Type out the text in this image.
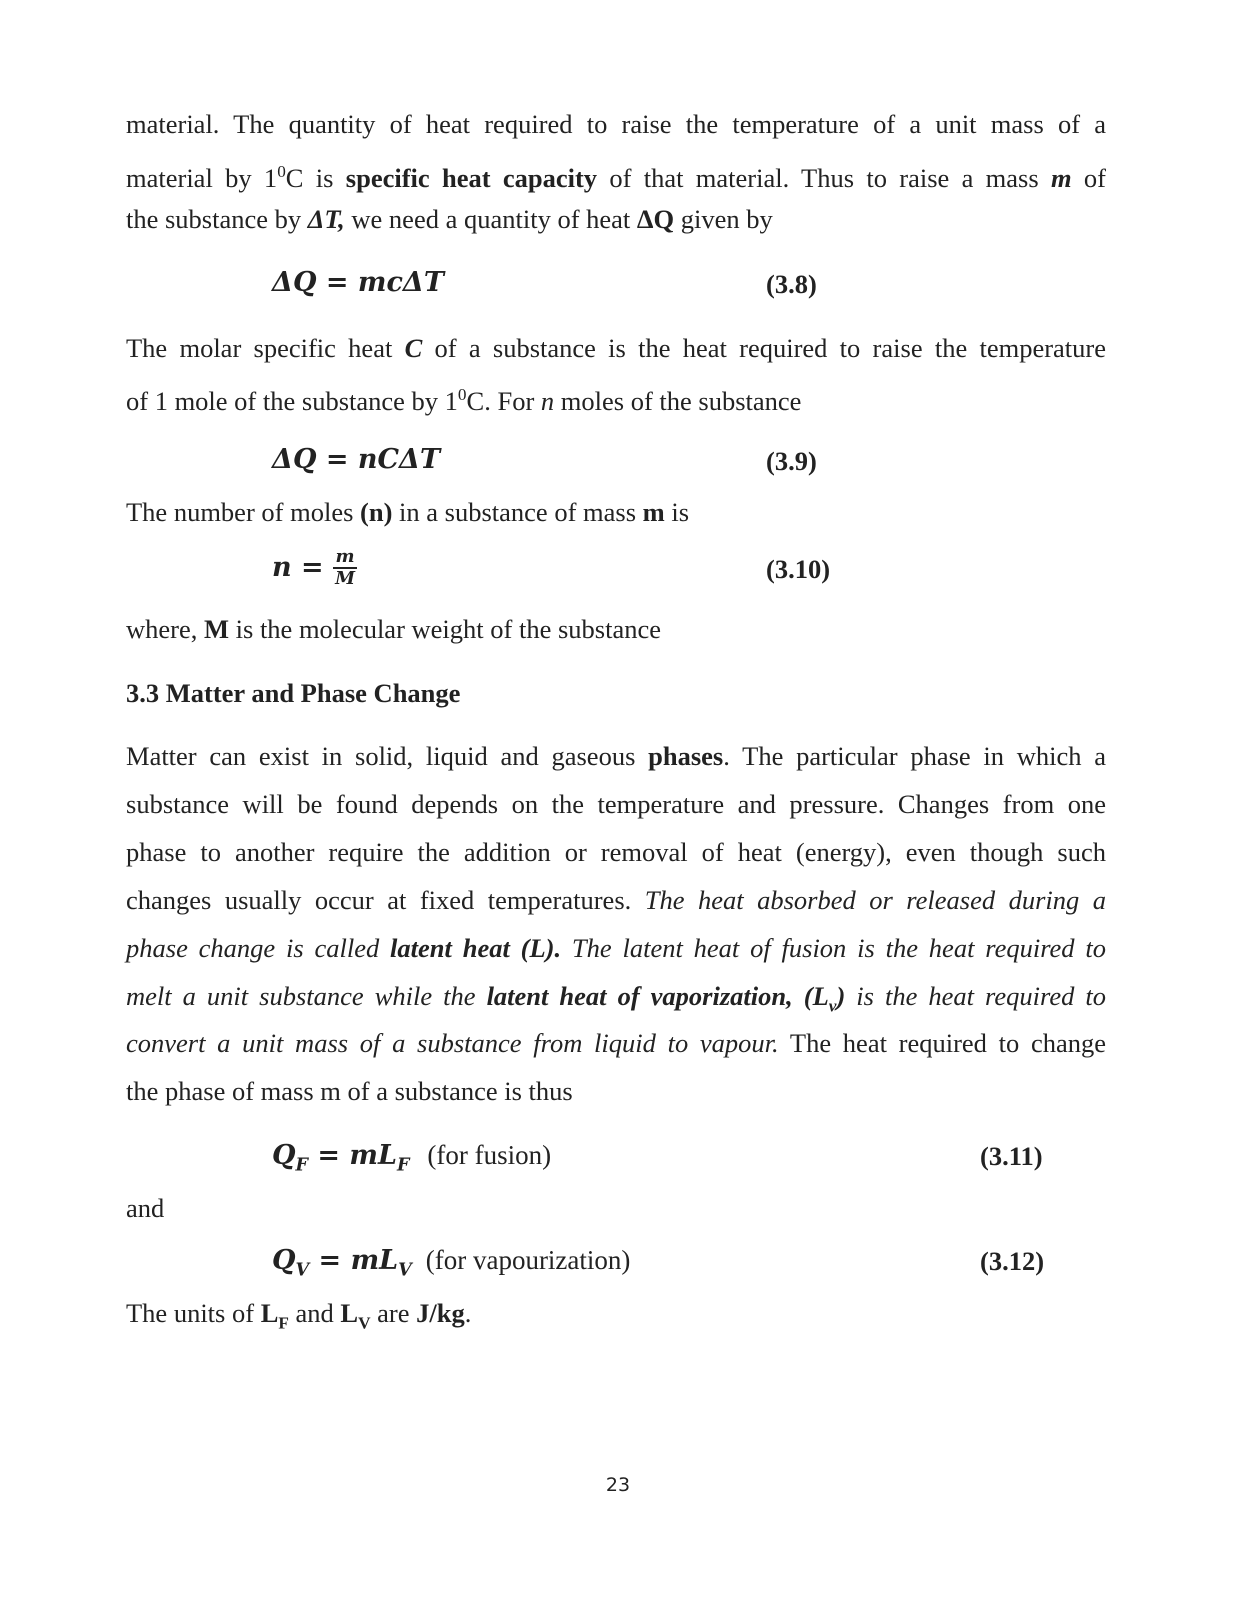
material. The quantity of heat required to raise the temperature of a unit mass of a
material by $1^0C$ is specific heat capacity of that material. Thus to raise a mass m of
the substance by ΔT, we need a quantity of heat ΔQ given by
ΔQ = mcΔT	(3.8)
The molar specific heat C of a substance is the heat required to raise the temperature
of 1 mole of the substance by $1^0C$. For n moles of the substance
ΔQ = nCΔT	(3.9)
The number of moles (n) in a substance of mass m is
$n = \frac{m}{M}$	(3.10)
where, M is the molecular weight of the substance
3.3 Matter and Phase Change
Matter can exist in solid, liquid and gaseous phases. The particular phase in which a
substance will be found depends on the temperature and pressure. Changes from one
phase to another require the addition or removal of heat (energy), even though such
changes usually occur at fixed temperatures. The heat absorbed or released during a
phase change is called latent heat (L). The latent heat of fusion is the heat required to
melt a unit substance while the latent heat of vaporization, $(L_v)$ is the heat required to
convert a unit mass of a substance from liquid to vapour. The heat required to change
the phase of mass m of a substance is thus
$Q_F = mL_F$ (for fusion)	(3.11)
and
$Q_V = mL_V$ (for vapourization)	(3.12)
The units of $L_F$ and $L_V$ are J/kg.
23
